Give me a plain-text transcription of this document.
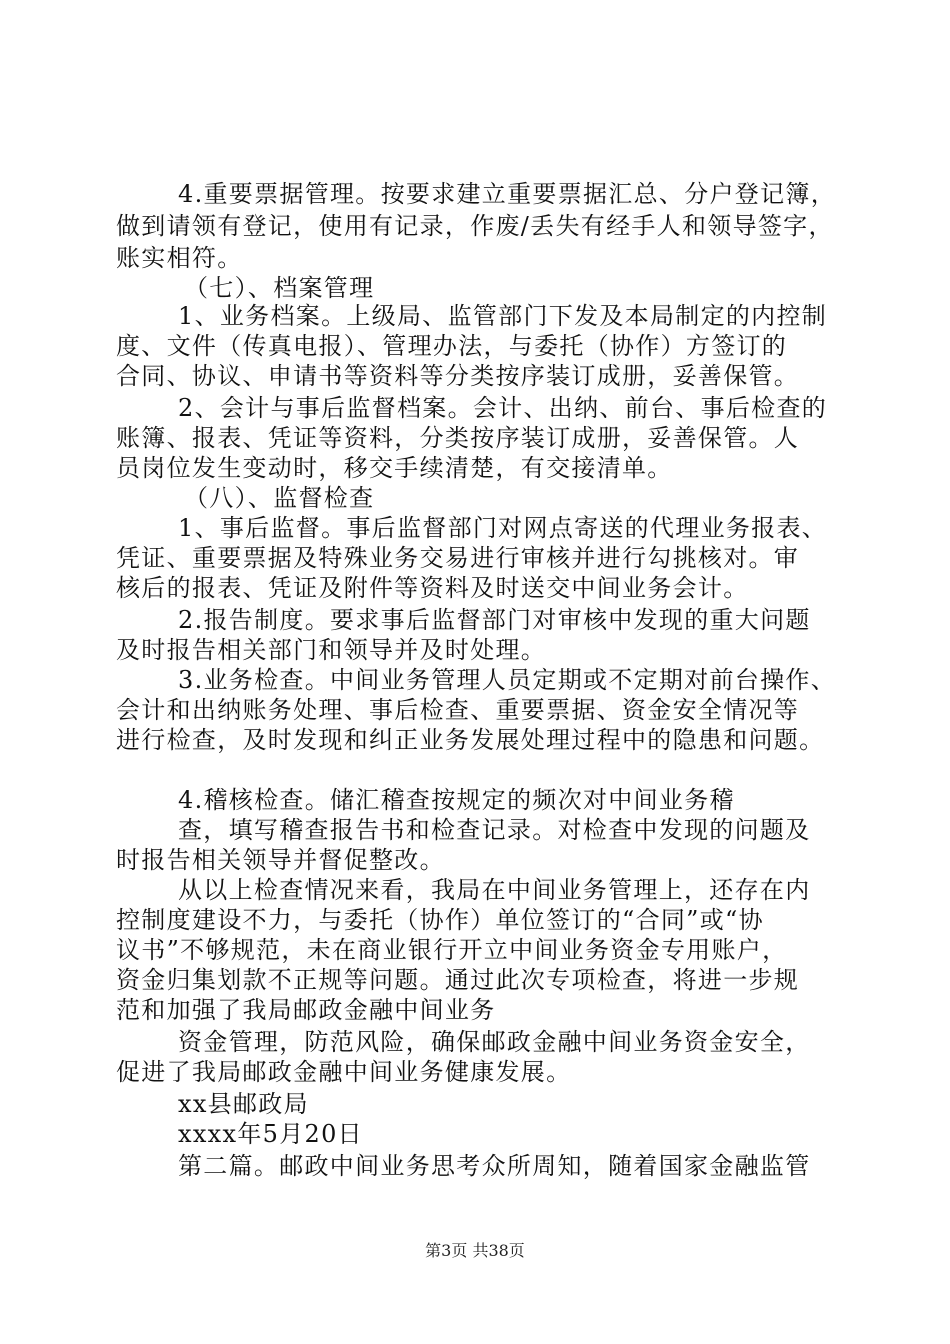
4.重要票据管理。按要求建立重要票据汇总、分户登记簿，
做到请领有登记，使用有记录，作废/丢失有经手人和领导签字，
账实相符。
（七）、档案管理
1、业务档案。上级局、监管部门下发及本局制定的内控制
度、文件（传真电报）、管理办法，与委托（协作）方签订的
合同、协议、申请书等资料等分类按序装订成册，妥善保管。
2、会计与事后监督档案。会计、出纳、前台、事后检查的
账簿、报表、凭证等资料，分类按序装订成册，妥善保管。人
员岗位发生变动时，移交手续清楚，有交接清单。
（八）、监督检查
1、事后监督。事后监督部门对网点寄送的代理业务报表、
凭证、重要票据及特殊业务交易进行审核并进行勾挑核对。审
核后的报表、凭证及附件等资料及时送交中间业务会计。
2.报告制度。要求事后监督部门对审核中发现的重大问题
及时报告相关部门和领导并及时处理。
3.业务检查。中间业务管理人员定期或不定期对前台操作、
会计和出纳账务处理、事后检查、重要票据、资金安全情况等
进行检查，及时发现和纠正业务发展处理过程中的隐患和问题。
4.稽核检查。储汇稽查按规定的频次对中间业务稽
查，填写稽查报告书和检查记录。对检查中发现的问题及
时报告相关领导并督促整改。
从以上检查情况来看，我局在中间业务管理上，还存在内
控制度建设不力，与委托（协作）单位签订的“合同”或“协
议书”不够规范，未在商业银行开立中间业务资金专用账户，
资金归集划款不正规等问题。通过此次专项检查，将进一步规
范和加强了我局邮政金融中间业务
资金管理，防范风险，确保邮政金融中间业务资金安全，
促进了我局邮政金融中间业务健康发展。
xx县邮政局
xxxx年5月20日
第二篇。邮政中间业务思考众所周知，随着国家金融监管
第3页 共38页
